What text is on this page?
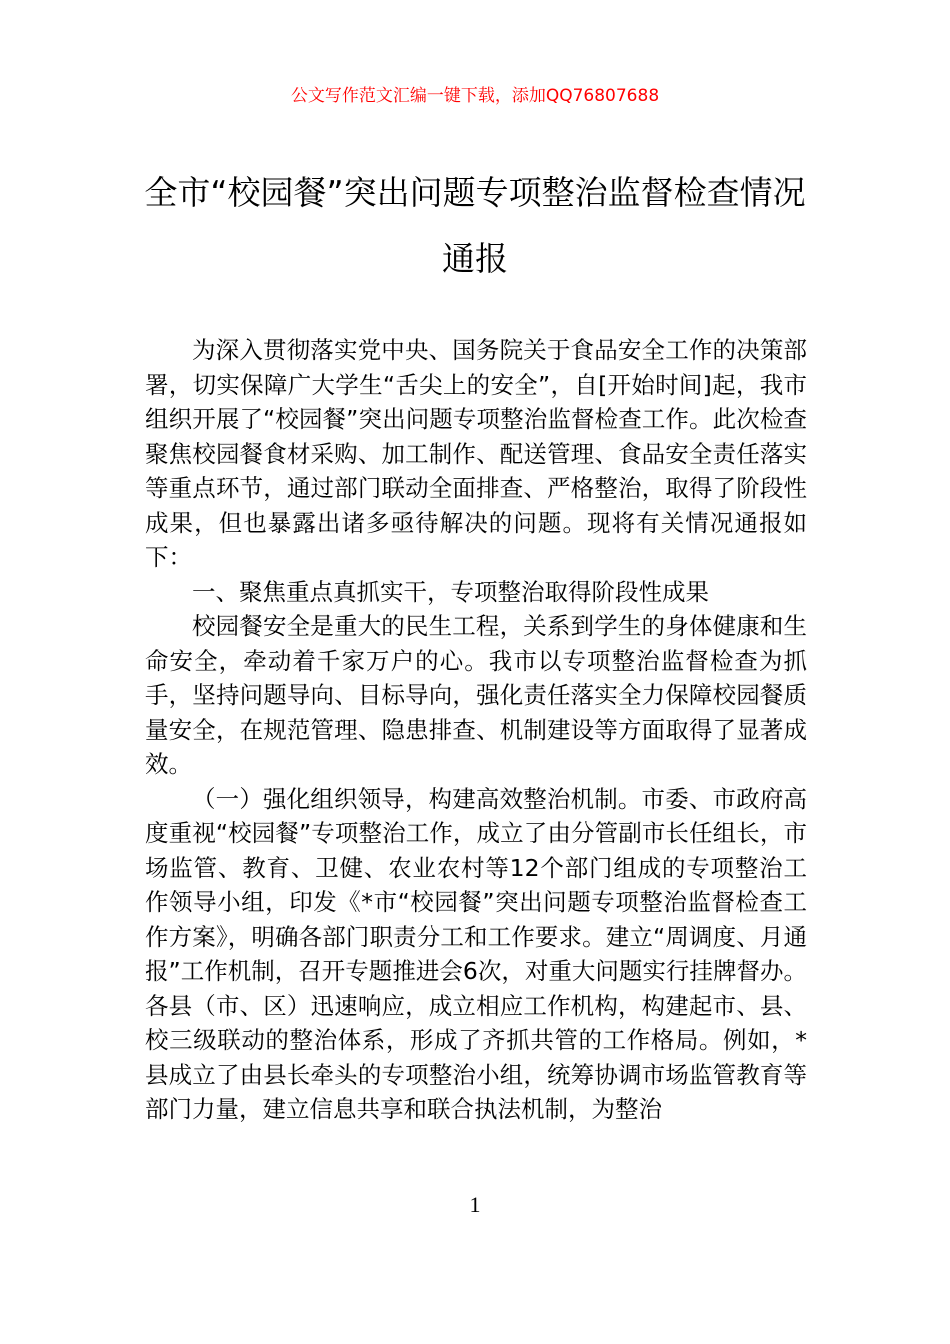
公文写作范文汇编一键下载，添加QQ76807688
全市“校园餐”突出问题专项整治监督检查情况通报

为深入贯彻落实党中央、国务院关于食品安全工作的决策部署，切实保障广大学生“舌尖上的安全”，自[开始时间]起，我市组织开展了“校园餐”突出问题专项整治监督检查工作。此次检查聚焦校园餐食材采购、加工制作、配送管理、食品安全责任落实等重点环节，通过部门联动全面排查、严格整治，取得了阶段性成果，但也暴露出诸多亟待解决的问题。现将有关情况通报如下：

一、聚焦重点真抓实干，专项整治取得阶段性成果

校园餐安全是重大的民生工程，关系到学生的身体健康和生命安全，牵动着千家万户的心。我市以专项整治监督检查为抓手，坚持问题导向、目标导向，强化责任落实全力保障校园餐质量安全，在规范管理、隐患排查、机制建设等方面取得了显著成效。

（一）强化组织领导，构建高效整治机制。市委、市政府高度重视“校园餐”专项整治工作，成立了由分管副市长任组长，市场监管、教育、卫健、农业农村等12个部门组成的专项整治工作领导小组，印发《*市“校园餐”突出问题专项整治监督检查工作方案》，明确各部门职责分工和工作要求。建立“周调度、月通报”工作机制，召开专题推进会6次，对重大问题实行挂牌督办。各县（市、区）迅速响应，成立相应工作机构，构建起市、县、校三级联动的整治体系，形成了齐抓共管的工作格局。例如，*县成立了由县长牵头的专项整治小组，统筹协调市场监管教育等部门力量，建立信息共享和联合执法机制，为整治

1
